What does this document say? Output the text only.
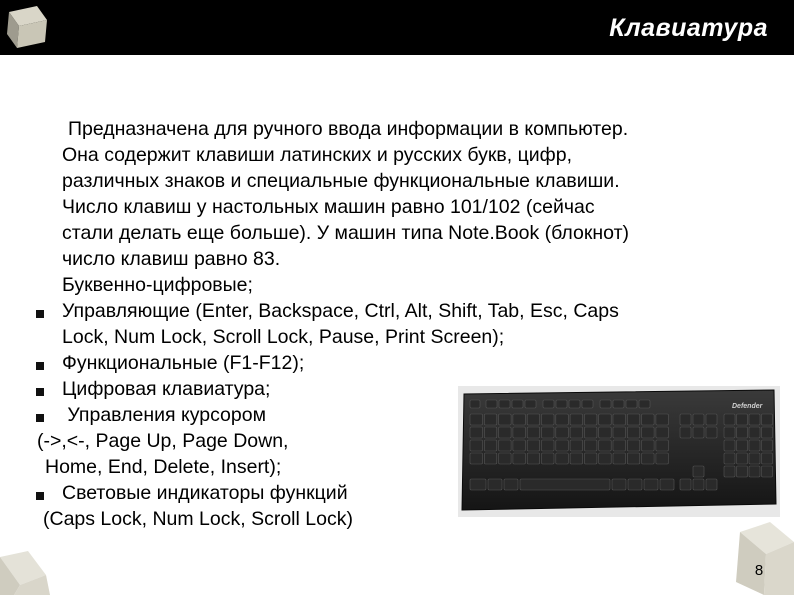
Клавиатура
Предназначена для ручного ввода информации в компьютер.
Она содержит клавиши латинских и русских букв, цифр,
различных знаков и специальные функциональные клавиши.
Число клавиш у настольных машин равно 101/102 (сейчас
стали делать еще больше). У машин типа Note.Book (блокнот)
число клавиш равно 83.
Буквенно-цифровые;
Управляющие (Enter, Backspace, Ctrl, Alt, Shift, Tab, Esc, Caps
Lock, Num Lock, Scroll Lock, Pause, Print Screen);
Функциональные (F1-F12);
Цифровая клавиатура;
Управления курсором
(->,<-, Page Up, Page Down,
Home, End, Delete, Insert);
Световые индикаторы функций
(Caps Lock, Num Lock, Scroll Lock)
Defender
8
